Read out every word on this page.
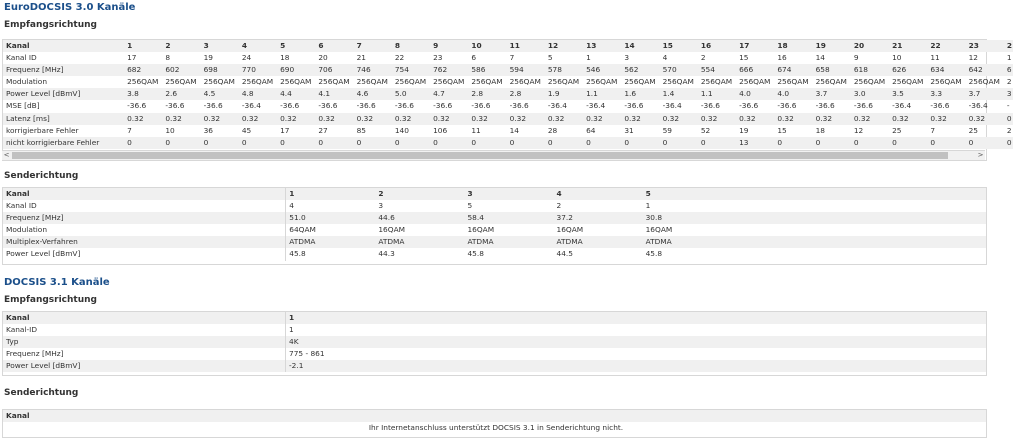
EuroDOCSIS 3.0 Kanäle
Empfangsrichtung
Kanal	1	2	3	4	5	6	7	8	9	10	11	12	13	14	15	16	17	18	19	20	21	22	23	2
Kanal ID	17	8	19	24	18	20	21	22	23	6	7	5	1	3	4	2	15	16	14	9	10	11	12	1
Frequenz [MHz]	682	602	698	770	690	706	746	754	762	586	594	578	546	562	570	554	666	674	658	618	626	634	642	6
Modulation	256QAM	256QAM	256QAM	256QAM	256QAM	256QAM	256QAM	256QAM	256QAM	256QAM	256QAM	256QAM	256QAM	256QAM	256QAM	256QAM	256QAM	256QAM	256QAM	256QAM	256QAM	256QAM	256QAM	2
Power Level [dBmV]	3.8	2.6	4.5	4.8	4.4	4.1	4.6	5.0	4.7	2.8	2.8	1.9	1.1	1.6	1.4	1.1	4.0	4.0	3.7	3.0	3.5	3.3	3.7	3
MSE [dB]	-36.6	-36.6	-36.6	-36.4	-36.6	-36.6	-36.6	-36.6	-36.6	-36.6	-36.6	-36.4	-36.4	-36.6	-36.4	-36.6	-36.6	-36.6	-36.6	-36.6	-36.4	-36.6	-36.4	-
Latenz [ms]	0.32	0.32	0.32	0.32	0.32	0.32	0.32	0.32	0.32	0.32	0.32	0.32	0.32	0.32	0.32	0.32	0.32	0.32	0.32	0.32	0.32	0.32	0.32	0
korrigierbare Fehler	7	10	36	45	17	27	85	140	106	11	14	28	64	31	59	52	19	15	18	12	25	7	25	2
nicht korrigierbare Fehler	0	0	0	0	0	0	0	0	0	0	0	0	0	0	0	0	13	0	0	0	0	0	0	0
<	>
Senderichtung
Kanal	1	2	3	4	5
Kanal ID	4	3	5	2	1
Frequenz [MHz]	51.0	44.6	58.4	37.2	30.8
Modulation	64QAM	16QAM	16QAM	16QAM	16QAM
Multiplex-Verfahren	ATDMA	ATDMA	ATDMA	ATDMA	ATDMA
Power Level [dBmV]	45.8	44.3	45.8	44.5	45.8
DOCSIS 3.1 Kanäle
Empfangsrichtung
Kanal	1
Kanal-ID	1
Typ	4K
Frequenz [MHz]	775 - 861
Power Level [dBmV]	-2.1
Senderichtung
Kanal
Ihr Internetanschluss unterstützt DOCSIS 3.1 in Senderichtung nicht.
